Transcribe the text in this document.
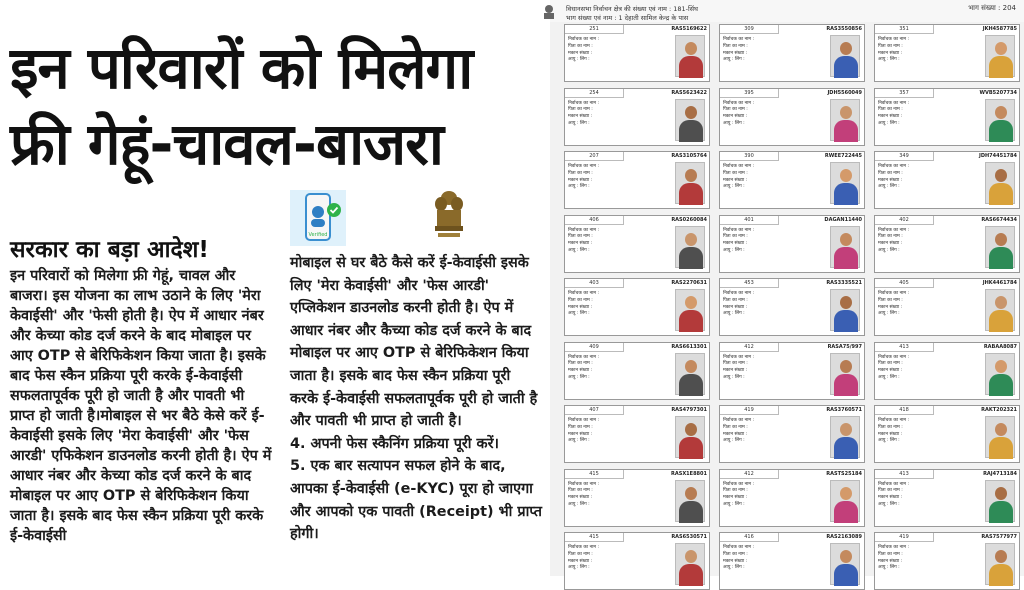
इन परिवारों को मिलेगा
फ्री गेहूं-चावल-बाजरा
सरकार का बड़ा आदेश!
Verified

इन परिवारों को मिलेगा फ्री गेहूं, चावल और बाजरा। इस योजना का लाभ उठाने के लिए 'मेरा केवाईसी' और 'फेसी होती है। ऐप में आधार नंबर और केच्या कोड दर्ज करने के बाद मोबाइल पर आए OTP से बेरिफिकेशन किया जाता है। इसके बाद फेस स्कैन प्रक्रिया पूरी करके ई-केवाईसी सफलतापूर्वक पूरी हो जाती है और पावती भी प्राप्त हो जाती है।मोबाइल से भर बैठे केसे करें ई-केवाईसी इसके लिए 'मेरा केवाईसी' और 'फेस आरडी' एफिकेशन डाउनलोड करनी होती है। ऐप में आधार नंबर और केच्या कोड दर्ज करने के बाद मोबाइल पर आए OTP से बेरिफिकेशन किया जाता है। इसके बाद फेस स्कैन प्रक्रिया पूरी करके ई-केवाईसी

मोबाइल से घर बैठे कैसे करें ई-केवाईसी इसके लिए 'मेरा केवाईसी' और 'फेस आरडी' एप्लिकेशन डाउनलोड करनी होती है। ऐप में आधार नंबर और कैच्या कोड दर्ज करने के बाद मोबाइल पर आए OTP से बेरिफिकेशन किया जाता है। इसके बाद फेस स्कैन प्रक्रिया पूरी करके ई-केवाईसी सफलतापूर्वक पूरी हो जाती है और पावती भी प्राप्त हो जाती है।

4. अपनी फेस स्कैनिंग प्रक्रिया पूरी करें।

5. एक बार सत्यापन सफल होने के बाद, आपका ई-केवाईसी (e-KYC) पूरा हो जाएगा और आपको एक पावती (Receipt) भी प्राप्त होगी।

विधानसभा निर्वाचन क्षेत्र की संख्या एवं नाम : 181-सिंघ
भाग संख्या एवं नाम : 1 देहाती सामिल केन्द्र के पास
भाग संख्या : 204
251	RAS5169622
निर्वाचक का नाम :
पिता का नाम :
मकान संख्या :
आयु : लिंग :
309	RAS3550856
निर्वाचक का नाम :
पिता का नाम :
मकान संख्या :
आयु : लिंग :
351	JKH4587785
निर्वाचक का नाम :
पिता का नाम :
मकान संख्या :
आयु : लिंग :
254	RAS5623422
निर्वाचक का नाम :
पिता का नाम :
मकान संख्या :
आयु : लिंग :
395	JDH5560049
निर्वाचक का नाम :
पिता का नाम :
मकान संख्या :
आयु : लिंग :
357	WVB5207734
निर्वाचक का नाम :
पिता का नाम :
मकान संख्या :
आयु : लिंग :
207	RAS3105764
निर्वाचक का नाम :
पिता का नाम :
मकान संख्या :
आयु : लिंग :
390	RWEE722445
निर्वाचक का नाम :
पिता का नाम :
मकान संख्या :
आयु : लिंग :
349	JDH74451784
निर्वाचक का नाम :
पिता का नाम :
मकान संख्या :
आयु : लिंग :
406	RAS0260084
निर्वाचक का नाम :
पिता का नाम :
मकान संख्या :
आयु : लिंग :
401	DAGAN11440
निर्वाचक का नाम :
पिता का नाम :
मकान संख्या :
आयु : लिंग :
402	RAS6674434
निर्वाचक का नाम :
पिता का नाम :
मकान संख्या :
आयु : लिंग :
403	RAS2270631
निर्वाचक का नाम :
पिता का नाम :
मकान संख्या :
आयु : लिंग :
453	RAS3335521
निर्वाचक का नाम :
पिता का नाम :
मकान संख्या :
आयु : लिंग :
405	JHK4461784
निर्वाचक का नाम :
पिता का नाम :
मकान संख्या :
आयु : लिंग :
409	RAS6613301
निर्वाचक का नाम :
पिता का नाम :
मकान संख्या :
आयु : लिंग :
412	RASA75/997
निर्वाचक का नाम :
पिता का नाम :
मकान संख्या :
आयु : लिंग :
413	RABAA8087
निर्वाचक का नाम :
पिता का नाम :
मकान संख्या :
आयु : लिंग :
407	RAS4797301
निर्वाचक का नाम :
पिता का नाम :
मकान संख्या :
आयु : लिंग :
419	RAS3760571
निर्वाचक का नाम :
पिता का नाम :
मकान संख्या :
आयु : लिंग :
418	RAKT202321
निर्वाचक का नाम :
पिता का नाम :
मकान संख्या :
आयु : लिंग :
415	RASX1E8801
निर्वाचक का नाम :
पिता का नाम :
मकान संख्या :
आयु : लिंग :
412	RASTS25184
निर्वाचक का नाम :
पिता का नाम :
मकान संख्या :
आयु : लिंग :
413	RAJ4713184
निर्वाचक का नाम :
पिता का नाम :
मकान संख्या :
आयु : लिंग :
415	RAS6530571
निर्वाचक का नाम :
पिता का नाम :
मकान संख्या :
आयु : लिंग :
416	RAS2163089
निर्वाचक का नाम :
पिता का नाम :
मकान संख्या :
आयु : लिंग :
419	RAS7577977
निर्वाचक का नाम :
पिता का नाम :
मकान संख्या :
आयु : लिंग :
